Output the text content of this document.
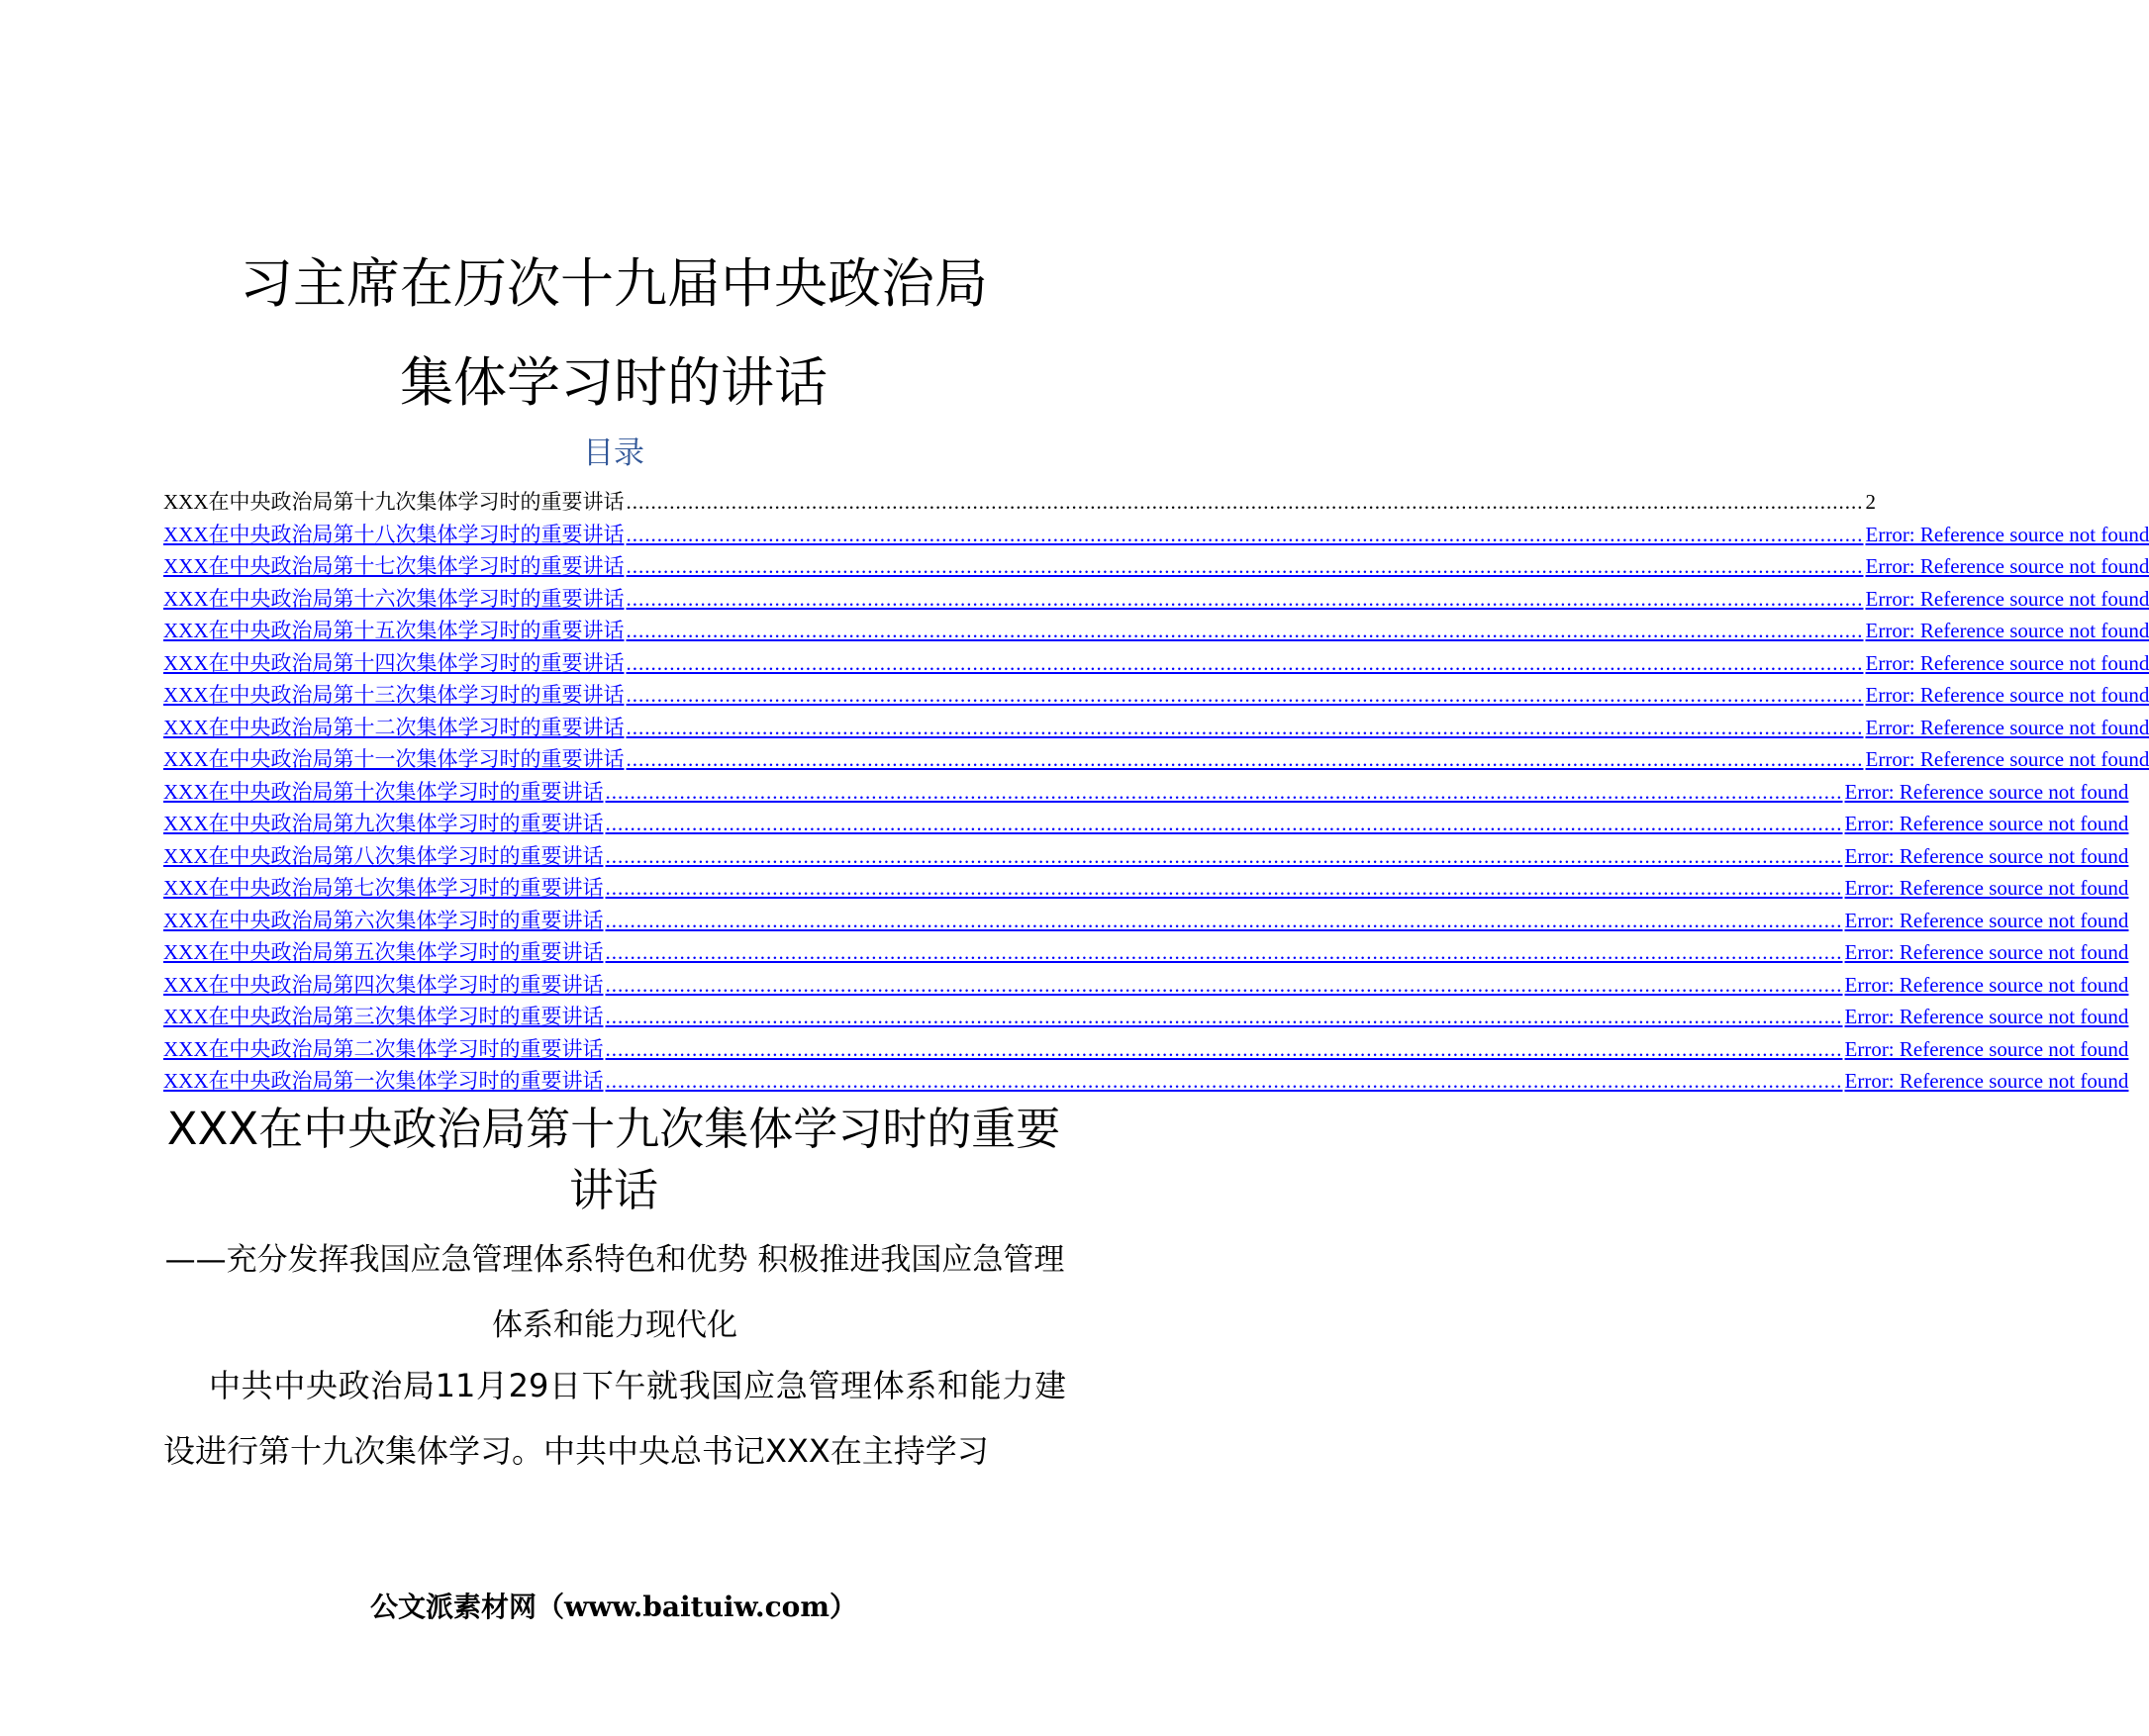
习主席在历次十九届中央政治局
集体学习时的讲话
目录
XXX在中央政治局第十九次集体学习时的重要讲话 ........................................................................................................................................................................................................ 2
XXX在中央政治局第十八次集体学习时的重要讲话 ........................................................................................................................................................................................................ Error: Reference source not found
XXX在中央政治局第十七次集体学习时的重要讲话 ........................................................................................................................................................................................................ Error: Reference source not found
XXX在中央政治局第十六次集体学习时的重要讲话 ........................................................................................................................................................................................................ Error: Reference source not found
XXX在中央政治局第十五次集体学习时的重要讲话 ........................................................................................................................................................................................................ Error: Reference source not found
XXX在中央政治局第十四次集体学习时的重要讲话 ........................................................................................................................................................................................................ Error: Reference source not found
XXX在中央政治局第十三次集体学习时的重要讲话 ........................................................................................................................................................................................................ Error: Reference source not found
XXX在中央政治局第十二次集体学习时的重要讲话 ........................................................................................................................................................................................................ Error: Reference source not found
XXX在中央政治局第十一次集体学习时的重要讲话 ........................................................................................................................................................................................................ Error: Reference source not found
XXX在中央政治局第十次集体学习时的重要讲话 ........................................................................................................................................................................................................ Error: Reference source not found
XXX在中央政治局第九次集体学习时的重要讲话 ........................................................................................................................................................................................................ Error: Reference source not found
XXX在中央政治局第八次集体学习时的重要讲话 ........................................................................................................................................................................................................ Error: Reference source not found
XXX在中央政治局第七次集体学习时的重要讲话 ........................................................................................................................................................................................................ Error: Reference source not found
XXX在中央政治局第六次集体学习时的重要讲话 ........................................................................................................................................................................................................ Error: Reference source not found
XXX在中央政治局第五次集体学习时的重要讲话 ........................................................................................................................................................................................................ Error: Reference source not found
XXX在中央政治局第四次集体学习时的重要讲话 ........................................................................................................................................................................................................ Error: Reference source not found
XXX在中央政治局第三次集体学习时的重要讲话 ........................................................................................................................................................................................................ Error: Reference source not found
XXX在中央政治局第二次集体学习时的重要讲话 ........................................................................................................................................................................................................ Error: Reference source not found
XXX在中央政治局第一次集体学习时的重要讲话 ........................................................................................................................................................................................................ Error: Reference source not found
XXX在中央政治局第十九次集体学习时的重要讲话
——充分发挥我国应急管理体系特色和优势 积极推进我国应急管理体系和能力现代化

中共中央政治局11月29日下午就我国应急管理体系和能力建设进行第十九次集体学习。中共中央总书记XXX在主持学习

公文派素材网（www.baituiw.com）
